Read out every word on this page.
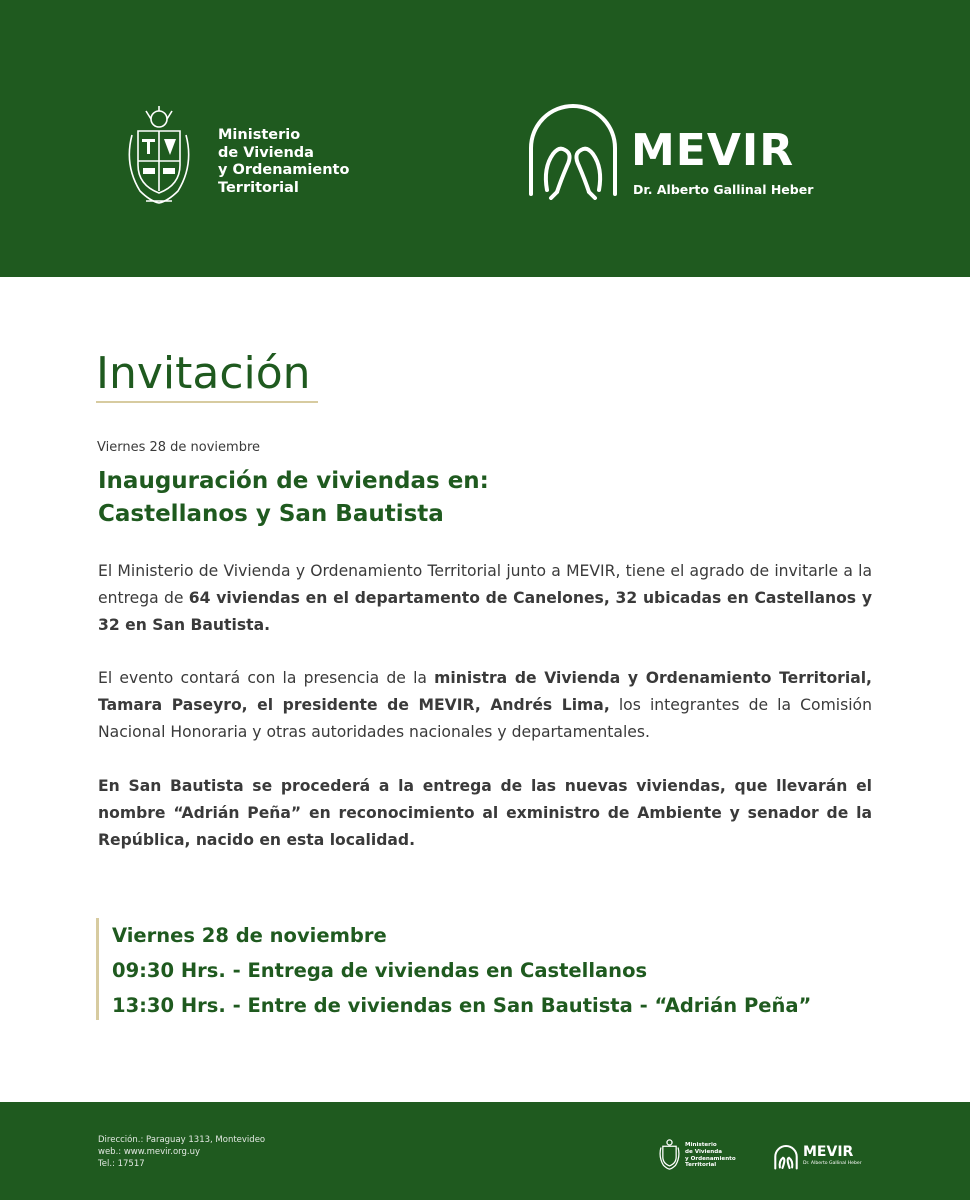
Ministerio
de Vivienda
y Ordenamiento
Territorial
MEVIR
Dr. Alberto Gallinal Heber
Invitación
Viernes 28 de noviembre
Inauguración de viviendas en:
Castellanos y San Bautista

El Ministerio de Vivienda y Ordenamiento Territorial junto a MEVIR, tiene el agrado de invitarle a la entrega de 64 viviendas en el departamento de Canelones, 32 ubicadas en Castellanos y 32 en San Bautista.

El evento contará con la presencia de la ministra de Vivienda y Ordenamiento Territorial, Tamara Paseyro, el presidente de MEVIR, Andrés Lima, los integrantes de la Comisión Nacional Honoraria y otras autoridades nacionales y departamentales.

En San Bautista se procederá a la entrega de las nuevas viviendas, que llevarán el nombre “Adrián Peña” en reconocimiento al exministro de Ambiente y senador de la República, nacido en esta localidad.

Viernes 28 de noviembre
09:30 Hrs. - Entrega de viviendas en Castellanos
13:30 Hrs. - Entre de viviendas en San Bautista - “Adrián Peña”
Dirección.: Paraguay 1313, Montevideo
web.: www.mevir.org.uy
Tel.: 17517
Ministerio
de Vivienda
y Ordenamiento
Territorial
MEVIR
Dr. Alberto Gallinal Heber
